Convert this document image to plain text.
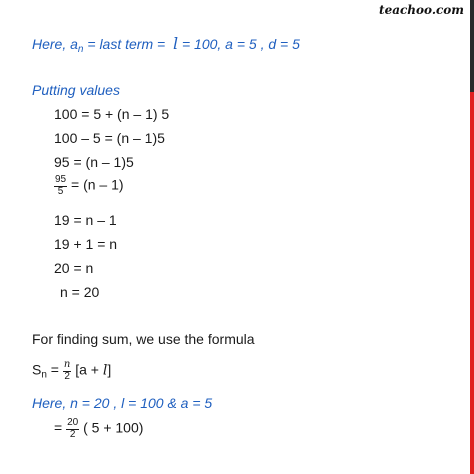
teachoo.com
Here, $a_n$ = last term =  l = 100, a = 5 , d = 5
Putting values
100 = 5 + (n – 1) 5
100 – 5 = (n – 1)5
95 = (n – 1)5
$\frac{95}{5} = (n - 1)$
19 = n – 1
19 + 1 = n
20 = n
n = 20
For finding sum, we use the formula
$S_n = \frac{n}{2} [a + l]$
Here, n = 20 , l = 100 & a = 5
= $\frac{20}{2}$ ( 5 + 100)
